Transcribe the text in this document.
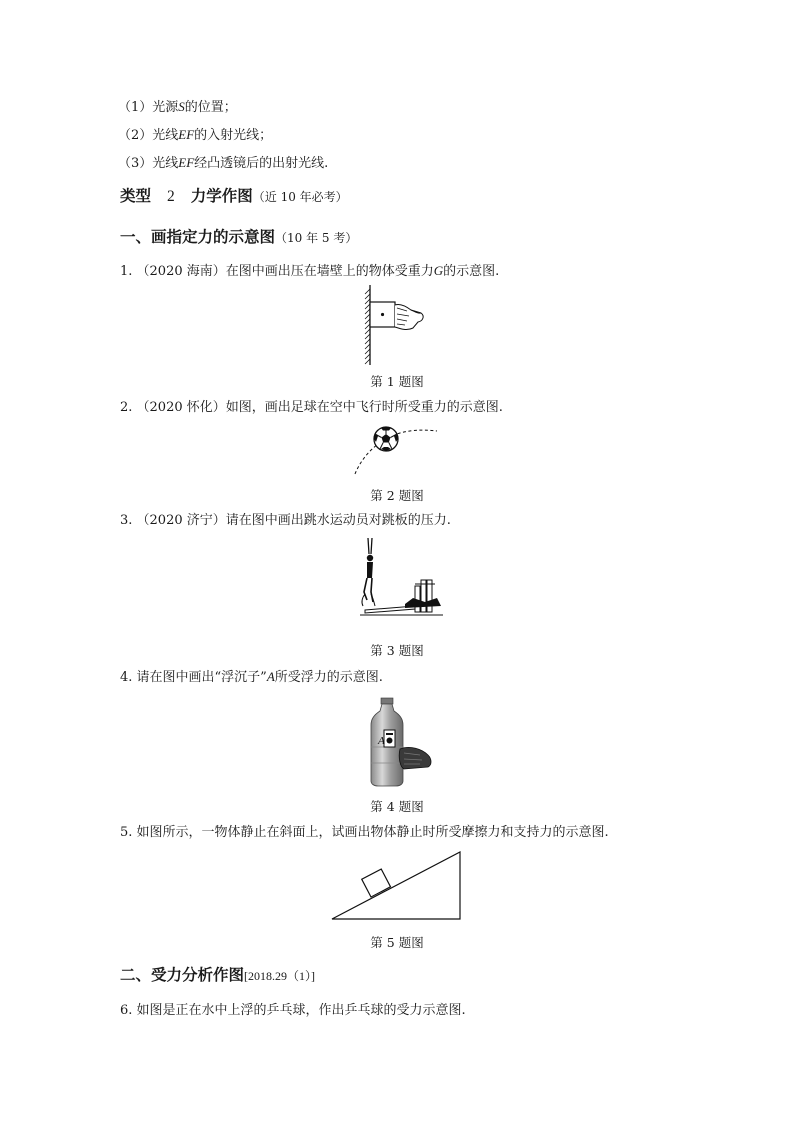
（1）光源S的位置；
（2）光线EF的入射光线；
（3）光线EF经凸透镜后的出射光线.
类型 2 力学作图（近 10 年必考）
一、画指定力的示意图（10 年 5 考）
1. （2020 海南）在图中画出压在墙壁上的物体受重力G的示意图.
第 1 题图
2. （2020 怀化）如图，画出足球在空中飞行时所受重力的示意图.
第 2 题图
3. （2020 济宁）请在图中画出跳水运动员对跳板的压力.
第 3 题图
4. 请在图中画出“浮沉子”A所受浮力的示意图.
A
第 4 题图
5. 如图所示，一物体静止在斜面上，试画出物体静止时所受摩擦力和支持力的示意图.
第 5 题图
二、受力分析作图[2018.29（1）]
6. 如图是正在水中上浮的乒乓球，作出乒乓球的受力示意图.
